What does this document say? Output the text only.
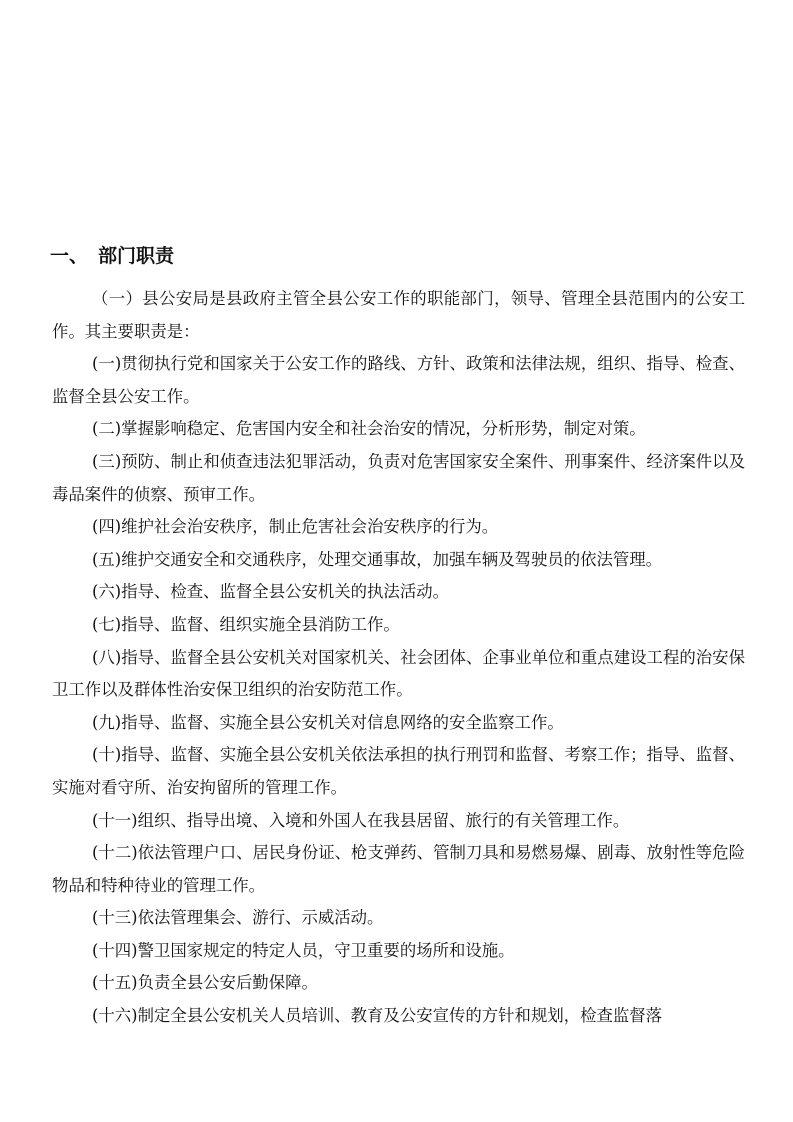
一、 部门职责

（一）县公安局是县政府主管全县公安工作的职能部门，领导、管理全县范围内的公安工作。其主要职责是：

(一)贯彻执行党和国家关于公安工作的路线、方针、政策和法律法规，组织、指导、检查、监督全县公安工作。

(二)掌握影响稳定、危害国内安全和社会治安的情况，分析形势，制定对策。

(三)预防、制止和侦查违法犯罪活动，负责对危害国家安全案件、刑事案件、经济案件以及毒品案件的侦察、预审工作。

(四)维护社会治安秩序，制止危害社会治安秩序的行为。

(五)维护交通安全和交通秩序，处理交通事故，加强车辆及驾驶员的依法管理。

(六)指导、检查、监督全县公安机关的执法活动。

(七)指导、监督、组织实施全县消防工作。

(八)指导、监督全县公安机关对国家机关、社会团体、企事业单位和重点建设工程的治安保卫工作以及群体性治安保卫组织的治安防范工作。

(九)指导、监督、实施全县公安机关对信息网络的安全监察工作。

(十)指导、监督、实施全县公安机关依法承担的执行刑罚和监督、考察工作；指导、监督、实施对看守所、治安拘留所的管理工作。

(十一)组织、指导出境、入境和外国人在我县居留、旅行的有关管理工作。

(十二)依法管理户口、居民身份证、枪支弹药、管制刀具和易燃易爆、剧毒、放射性等危险物品和特种待业的管理工作。

(十三)依法管理集会、游行、示威活动。

(十四)警卫国家规定的特定人员，守卫重要的场所和设施。

(十五)负责全县公安后勤保障。

(十六)制定全县公安机关人员培训、教育及公安宣传的方针和规划，检查监督落
